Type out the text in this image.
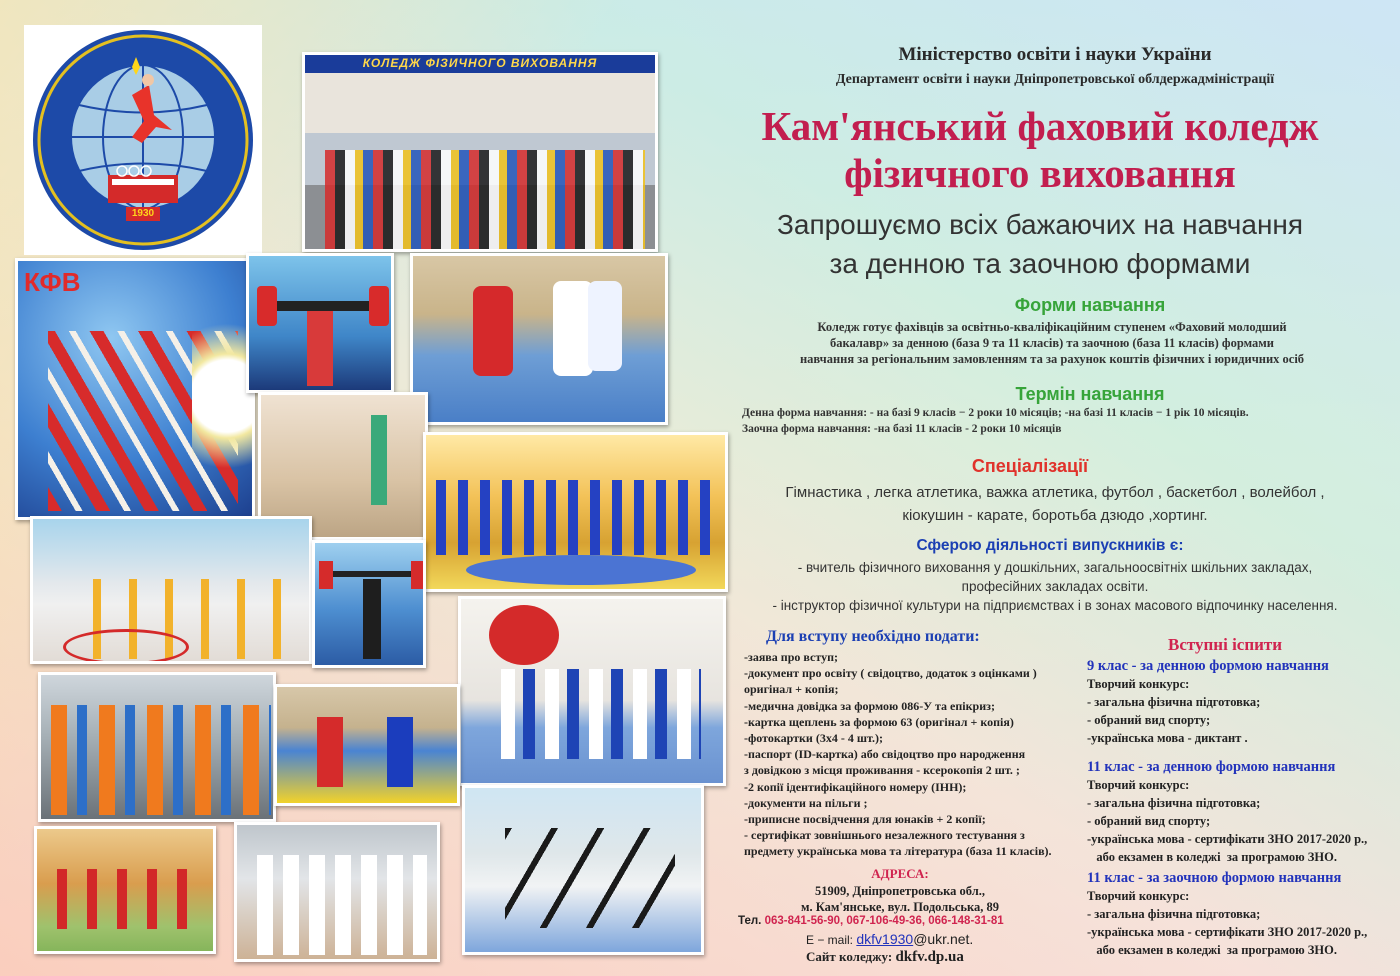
1930
КОЛЕДЖ ФІЗИЧНОГО ВИХОВАННЯ
КФВ
Міністерство освіти і науки України
Департамент освіти і науки Дніпропетровської облдержадміністрації
Кам'янський фаховий коледж
фізичного виховання
Запрошуємо всіх бажаючих на навчання
за денною та заочною формами
Форми навчання
Коледж готує фахівців за освітньо-кваліфікаційним ступенем «Фаховий молодший
бакалавр» за денною (база 9 та 11 класів) та заочною (база 11 класів) формами
навчання за регіональним замовленням та за рахунок коштів фізичних і юридичних осіб
Термін навчання
Денна форма навчання: - на базі 9 класів − 2 роки 10 місяців; -на базі 11 класів − 1 рік 10 місяців.
Заочна форма навчання: -на базі 11 класів - 2 роки 10 місяців
Спеціалізації
Гімнастика , легка атлетика, важка атлетика, футбол , баскетбол , волейбол ,
кіокушин - карате, боротьба дзюдо ,хортинг.
Сферою діяльності випускників є:
- вчитель фізичного виховання у дошкільних, загальноосвітніх шкільних закладах,
професійних закладах освіти.
- інструктор фізичної культури на підприємствах і в зонах масового відпочинку населення.
Для вступу необхідно подати:
-заява про вступ;
-документ про освіту ( свідоцтво, додаток з оцінками )
оригінал + копія;
-медична довідка за формою 086-У та епікриз;
-картка щеплень за формою 63 (оригінал + копія)
-фотокартки (3х4 - 4 шт.);
-паспорт (ID-картка) або свідоцтво про народження
з довідкою з місця проживання - ксерокопія 2 шт. ;
-2 копії ідентифікаційного номеру (ІНН);
-документи на пільги ;
-приписне посвідчення для юнаків + 2 копії;
- сертифікат зовнішнього незалежного тестування з
предмету українська мова та література (база 11 класів).
Вступні іспити
9 клас - за денною формою навчання
Творчий конкурс:
- загальна фізична підготовка;
- обраний вид спорту;
-українська мова - диктант .
11 клас - за денною формою навчання
Творчий конкурс:
- загальна фізична підготовка;
- обраний вид спорту;
-українська мова - сертифікати ЗНО 2017-2020 р.,
або екзамен в коледжі  за програмою ЗНО.
11 клас - за заочною формою навчання
Творчий конкурс:
- загальна фізична підготовка;
-українська мова - сертифікати ЗНО 2017-2020 р.,
або екзамен в коледжі  за програмою ЗНО.
АДРЕСА:
51909, Дніпропетровська обл.,
м. Кам'янське, вул. Подольська, 89
Тел. 063-841-56-90, 067-106-49-36, 066-148-31-81
E − mail: dkfv1930@ukr.net.
Сайт коледжу: dkfv.dp.ua
